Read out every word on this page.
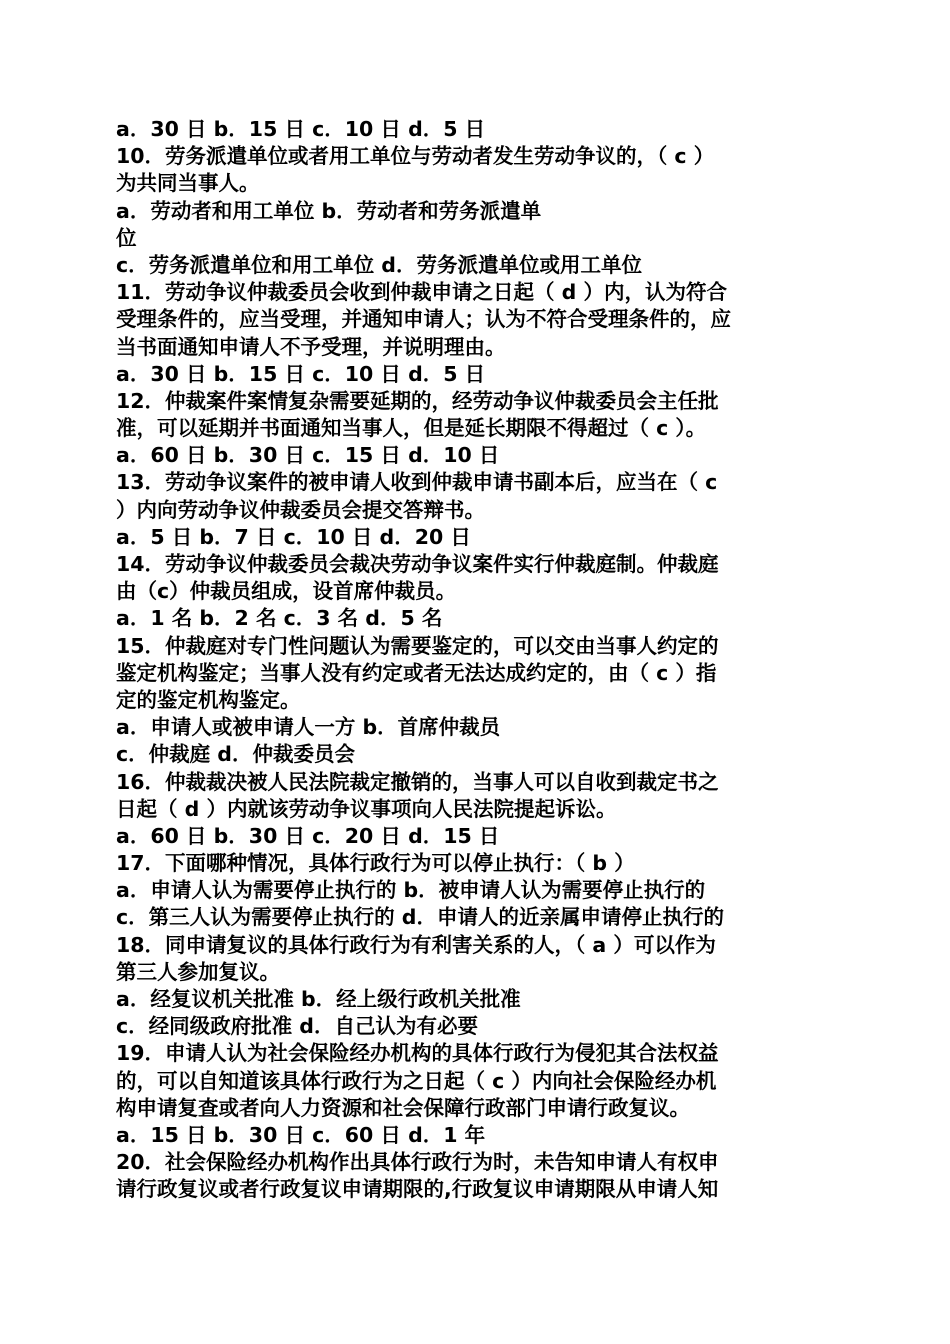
a．30 日 b．15 日 c．10 日 d．5 日
10．劳务派遣单位或者用工单位与劳动者发生劳动争议的，（ c ）
为共同当事人。
a．劳动者和用工单位 b．劳动者和劳务派遣单
位
c．劳务派遣单位和用工单位 d．劳务派遣单位或用工单位
11．劳动争议仲裁委员会收到仲裁申请之日起（ d ）内，认为符合
受理条件的，应当受理，并通知申请人；认为不符合受理条件的，应
当书面通知申请人不予受理，并说明理由。
a．30 日 b．15 日 c．10 日 d．5 日
12．仲裁案件案情复杂需要延期的，经劳动争议仲裁委员会主任批
准，可以延期并书面通知当事人，但是延长期限不得超过（ c ）。
a．60 日 b．30 日 c．15 日 d．10 日
13．劳动争议案件的被申请人收到仲裁申请书副本后，应当在（ c
）内向劳动争议仲裁委员会提交答辩书。
a．5 日 b．7 日 c．10 日 d．20 日
14．劳动争议仲裁委员会裁决劳动争议案件实行仲裁庭制。仲裁庭
由（c）仲裁员组成，设首席仲裁员。
a．1 名 b．2 名 c．3 名 d．5 名
15．仲裁庭对专门性问题认为需要鉴定的，可以交由当事人约定的
鉴定机构鉴定；当事人没有约定或者无法达成约定的，由（ c ）指
定的鉴定机构鉴定。
a．申请人或被申请人一方 b．首席仲裁员
c．仲裁庭 d．仲裁委员会
16．仲裁裁决被人民法院裁定撤销的，当事人可以自收到裁定书之
日起（ d ）内就该劳动争议事项向人民法院提起诉讼。
a．60 日 b．30 日 c．20 日 d．15 日
17．下面哪种情况，具体行政行为可以停止执行：（ b ）
a．申请人认为需要停止执行的 b．被申请人认为需要停止执行的
c．第三人认为需要停止执行的 d．申请人的近亲属申请停止执行的
18．同申请复议的具体行政行为有利害关系的人，（ a ）可以作为
第三人参加复议。
a．经复议机关批准 b．经上级行政机关批准
c．经同级政府批准 d．自己认为有必要
19．申请人认为社会保险经办机构的具体行政行为侵犯其合法权益
的，可以自知道该具体行政行为之日起（ c ）内向社会保险经办机
构申请复查或者向人力资源和社会保障行政部门申请行政复议。
a．15 日 b．30 日 c．60 日 d．1 年
20．社会保险经办机构作出具体行政行为时，未告知申请人有权申
请行政复议或者行政复议申请期限的,行政复议申请期限从申请人知
